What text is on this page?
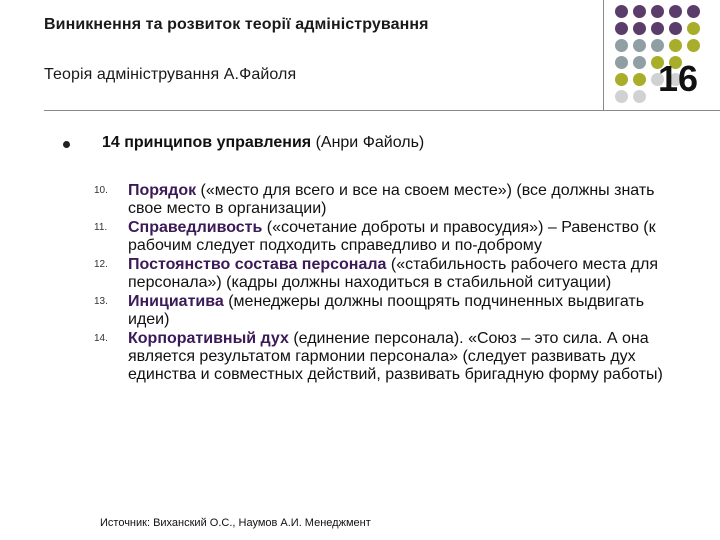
Виникнення та розвиток теорії адміністрування
Теорія адміністрування А.Файоля	16
14 принципов управления (Анри Файоль)
10.	Порядок («место для всего и все на своем месте») (все должны знать свое место в организации)
11.	Справедливость («сочетание доброты и правосудия») – Равенство (к рабочим следует подходить справедливо и по-доброму
12.	Постоянство состава персонала («стабильность рабочего места для персонала») (кадры должны находиться в стабильной ситуации)
13.	Инициатива (менеджеры должны поощрять подчиненных выдвигать идеи)
14.	Корпоративный дух (единение персонала). «Союз – это сила. А она является результатом гармонии персонала» (следует развивать дух единства и совместных действий, развивать бригадную форму работы)
Источник: Виханский О.С., Наумов А.И. Менеджмент
